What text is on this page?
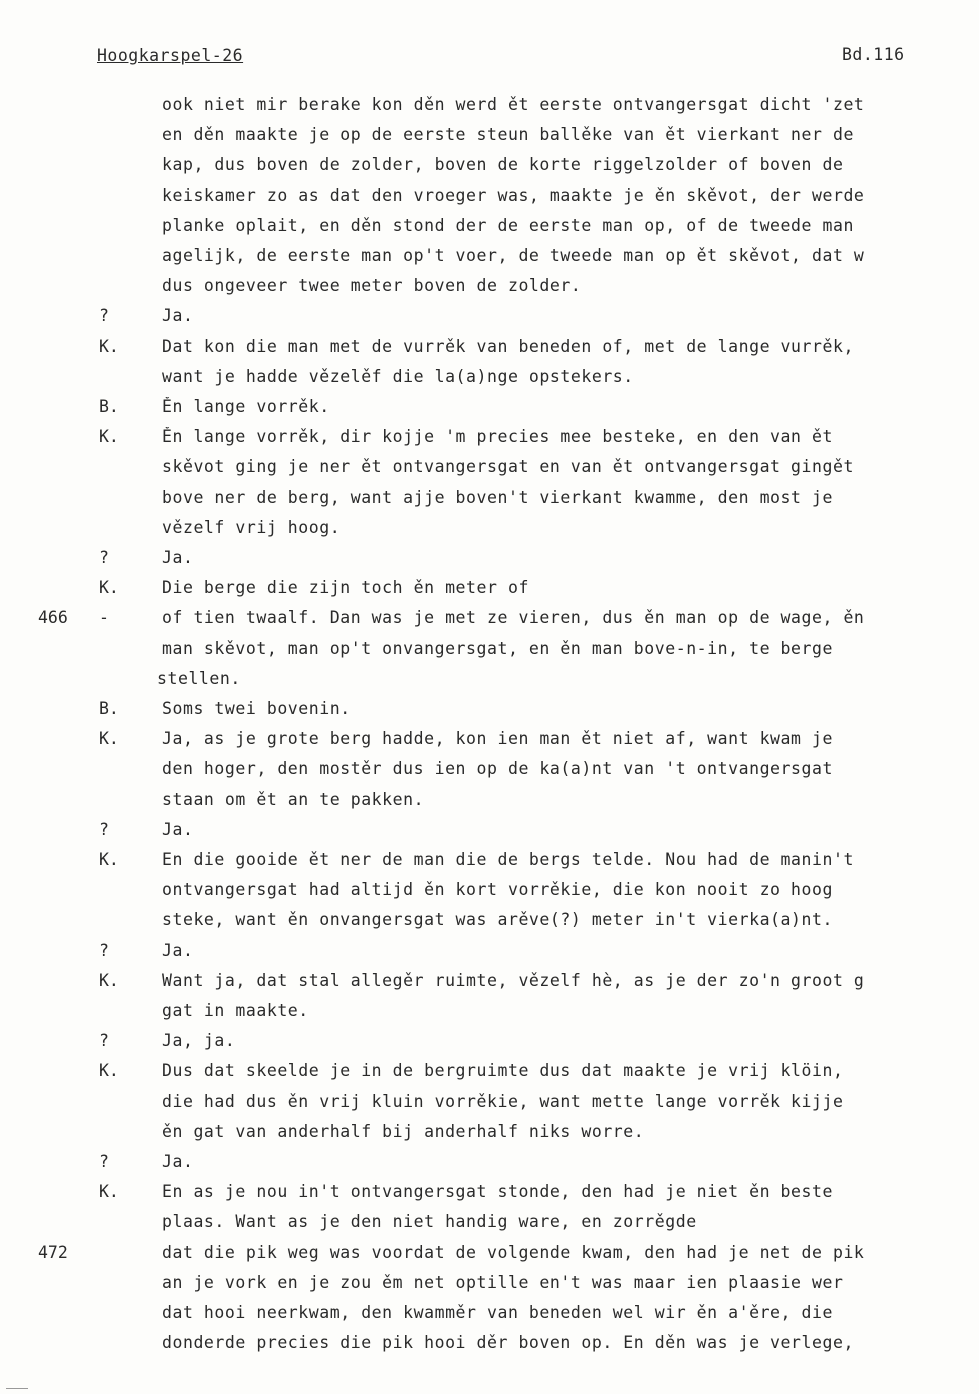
Hoogkarspel-26	Bd.116
ook niet mir berake kon děn werd ět eerste ontvangersgat dicht 'zet
en děn maakte je op de eerste steun ballěke van ět vierkant ner de
kap, dus boven de zolder, boven de korte riggelzolder of boven de
keiskamer zo as dat den vroeger was, maakte je ěn skěvot, der werde
planke oplait, en děn stond der de eerste man op, of de tweede man
agelijk, de eerste man op't voer, de tweede man op ět skěvot, dat w
dus ongeveer twee meter boven de zolder.
?	Ja.
K.	Dat kon die man met de vurrěk van beneden of, met de lange vurrěk,
want je hadde vězelěf die la(a)nge opstekers.
B.	Ěn lange vorrěk.
K.	Ěn lange vorrěk, dir kojje 'm precies mee besteke, en den van ět
skěvot ging je ner ět ontvangersgat en van ět ontvangersgat gingět
bove ner de berg, want ajje boven't vierkant kwamme, den most je
vězelf vrij hoog.
?	Ja.
K.	Die berge die zijn toch ěn meter of
466 -	of tien twaalf. Dan was je met ze vieren, dus ěn man op de wage, ěn
man skěvot, man op't onvangersgat, en ěn man bove-n-in, te berge
stellen.
B.	Soms twei bovenin.
K.	Ja, as je grote berg hadde, kon ien man ět niet af, want kwam je
den hoger, den mostěr dus ien op de ka(a)nt van 't ontvangersgat
staan om ět an te pakken.
?	Ja.
K.	En die gooide ět ner de man die de bergs telde. Nou had de manin't
ontvangersgat had altijd ěn kort vorrěkie, die kon nooit zo hoog
steke, want ěn onvangersgat was arěve(?) meter in't vierka(a)nt.
?	Ja.
K.	Want ja, dat stal allegěr ruimte, vězelf hè, as je der zo'n groot g
gat in maakte.
?	Ja, ja.
K.	Dus dat skeelde je in de bergruimte dus dat maakte je vrij klöin,
die had dus ěn vrij kluin vorrěkie, want mette lange vorrěk kijje
ěn gat van anderhalf bij anderhalf niks worre.
?	Ja.
K.	En as je nou in't ontvangersgat stonde, den had je niet ěn beste
plaas. Want as je den niet handig ware, en zorrěgde
472	dat die pik weg was voordat de volgende kwam, den had je net de pik
an je vork en je zou ěm net optille en't was maar ien plaasie wer
dat hooi neerkwam, den kwamměr van beneden wel wir ěn a'ěre, die
donderde precies die pik hooi děr boven op. En děn was je verlege,
